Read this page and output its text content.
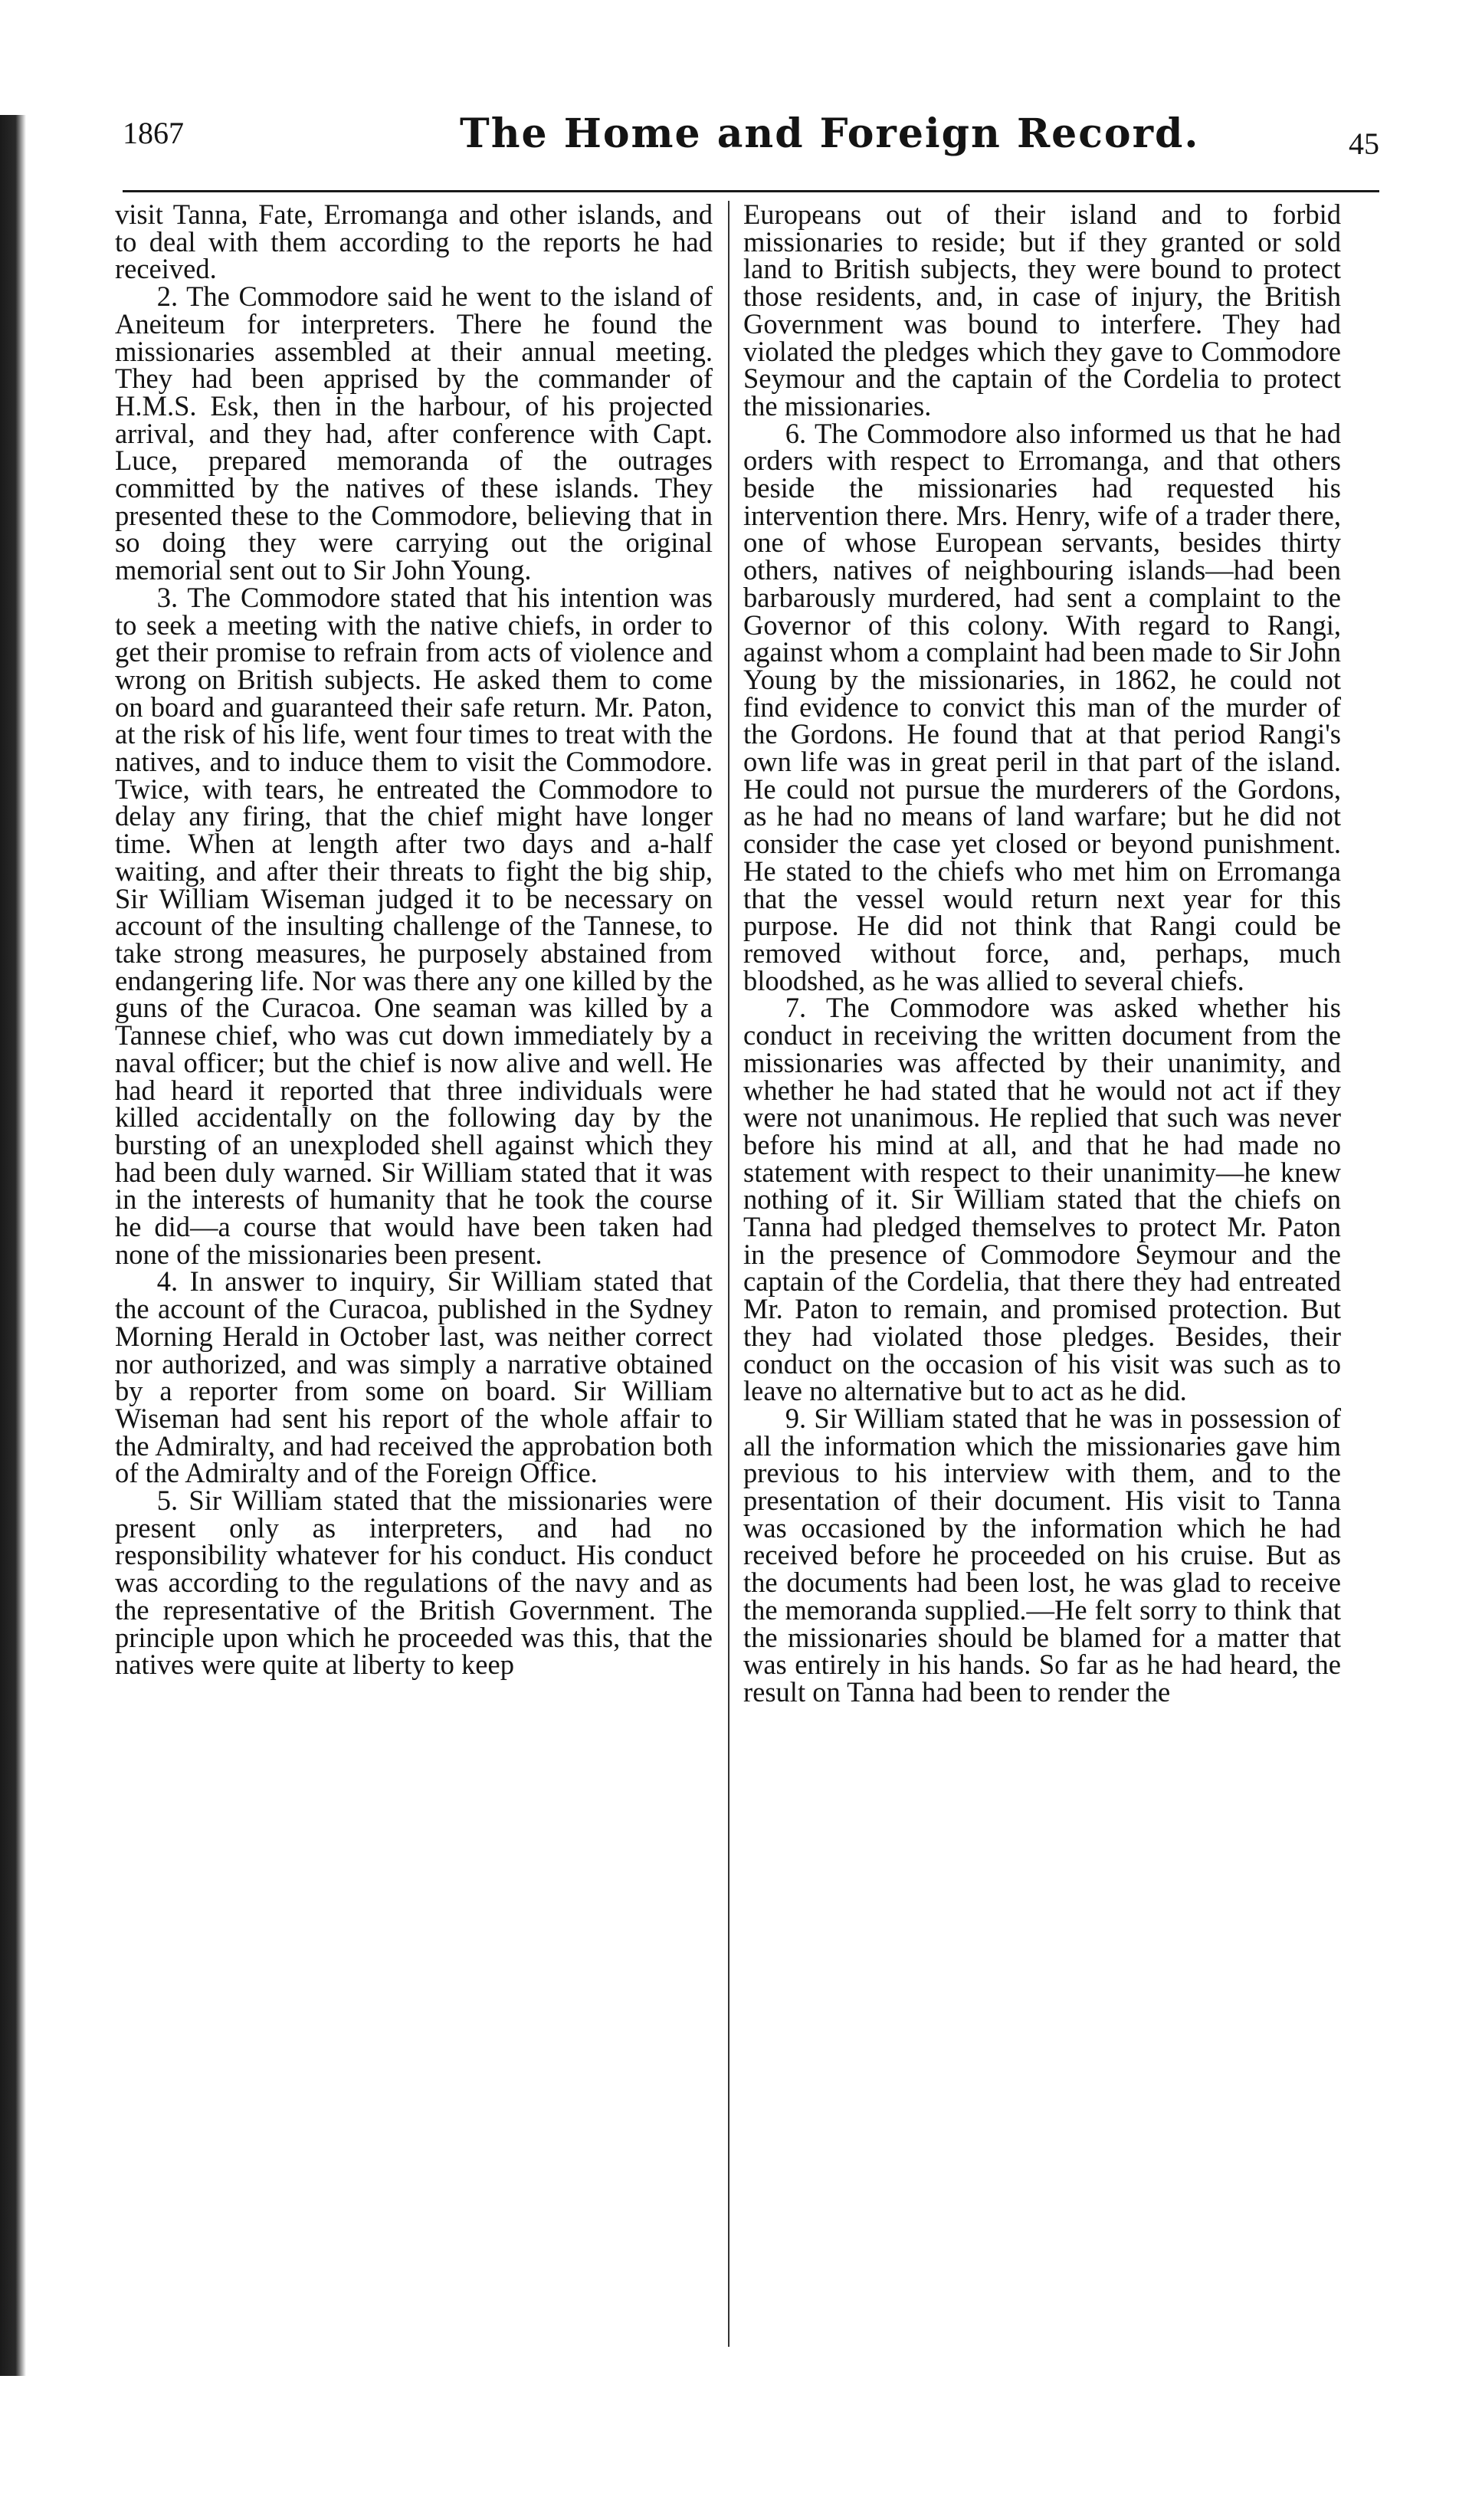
1867	The Home and Foreign Record.	45

visit Tanna, Fate, Erromanga and other islands, and to deal with them according to the reports he had received.

2. The Commodore said he went to the island of Aneiteum for interpreters. There he found the missionaries assembled at their annual meeting. They had been apprised by the commander of H.M.S. Esk, then in the harbour, of his projected arrival, and they had, after conference with Capt. Luce, prepared memoranda of the outrages committed by the natives of these islands. They presented these to the Commodore, believing that in so doing they were carrying out the original memorial sent out to Sir John Young.

3. The Commodore stated that his intention was to seek a meeting with the native chiefs, in order to get their promise to refrain from acts of violence and wrong on British subjects. He asked them to come on board and guaranteed their safe return. Mr. Paton, at the risk of his life, went four times to treat with the natives, and to induce them to visit the Commodore. Twice, with tears, he entreated the Commodore to delay any firing, that the chief might have longer time. When at length after two days and a-half waiting, and after their threats to fight the big ship, Sir William Wiseman judged it to be necessary on account of the insulting challenge of the Tannese, to take strong measures, he purposely abstained from endangering life. Nor was there any one killed by the guns of the Curacoa. One seaman was killed by a Tannese chief, who was cut down immediately by a naval officer; but the chief is now alive and well. He had heard it reported that three individuals were killed accidentally on the following day by the bursting of an unexploded shell against which they had been duly warned. Sir William stated that it was in the interests of humanity that he took the course he did—a course that would have been taken had none of the missionaries been present.

4. In answer to inquiry, Sir William stated that the account of the Curacoa, published in the Sydney Morning Herald in October last, was neither correct nor authorized, and was simply a narrative obtained by a reporter from some on board. Sir William Wiseman had sent his report of the whole affair to the Admiralty, and had received the approbation both of the Admiralty and of the Foreign Office.

5. Sir William stated that the missionaries were present only as interpreters, and had no responsibility whatever for his conduct. His conduct was according to the regulations of the navy and as the representative of the British Government. The principle upon which he proceeded was this, that the natives were quite at liberty to keep

Europeans out of their island and to forbid missionaries to reside; but if they granted or sold land to British subjects, they were bound to protect those residents, and, in case of injury, the British Government was bound to interfere. They had violated the pledges which they gave to Commodore Seymour and the captain of the Cordelia to protect the missionaries.

6. The Commodore also informed us that he had orders with respect to Erromanga, and that others beside the missionaries had requested his intervention there. Mrs. Henry, wife of a trader there, one of whose European servants, besides thirty others, natives of neighbouring islands—had been barbarously murdered, had sent a complaint to the Governor of this colony. With regard to Rangi, against whom a complaint had been made to Sir John Young by the missionaries, in 1862, he could not find evidence to convict this man of the murder of the Gordons. He found that at that period Rangi's own life was in great peril in that part of the island. He could not pursue the murderers of the Gordons, as he had no means of land warfare; but he did not consider the case yet closed or beyond punishment. He stated to the chiefs who met him on Erromanga that the vessel would return next year for this purpose. He did not think that Rangi could be removed without force, and, perhaps, much bloodshed, as he was allied to several chiefs.

7. The Commodore was asked whether his conduct in receiving the written document from the missionaries was affected by their unanimity, and whether he had stated that he would not act if they were not unanimous. He replied that such was never before his mind at all, and that he had made no statement with respect to their unanimity—he knew nothing of it. Sir William stated that the chiefs on Tanna had pledged themselves to protect Mr. Paton in the presence of Commodore Seymour and the captain of the Cordelia, that there they had entreated Mr. Paton to remain, and promised protection. But they had violated those pledges. Besides, their conduct on the occasion of his visit was such as to leave no alternative but to act as he did.

9. Sir William stated that he was in possession of all the information which the missionaries gave him previous to his interview with them, and to the presentation of their document. His visit to Tanna was occasioned by the information which he had received before he proceeded on his cruise. But as the documents had been lost, he was glad to receive the memoranda supplied.—He felt sorry to think that the missionaries should be blamed for a matter that was entirely in his hands. So far as he had heard, the result on Tanna had been to render the
